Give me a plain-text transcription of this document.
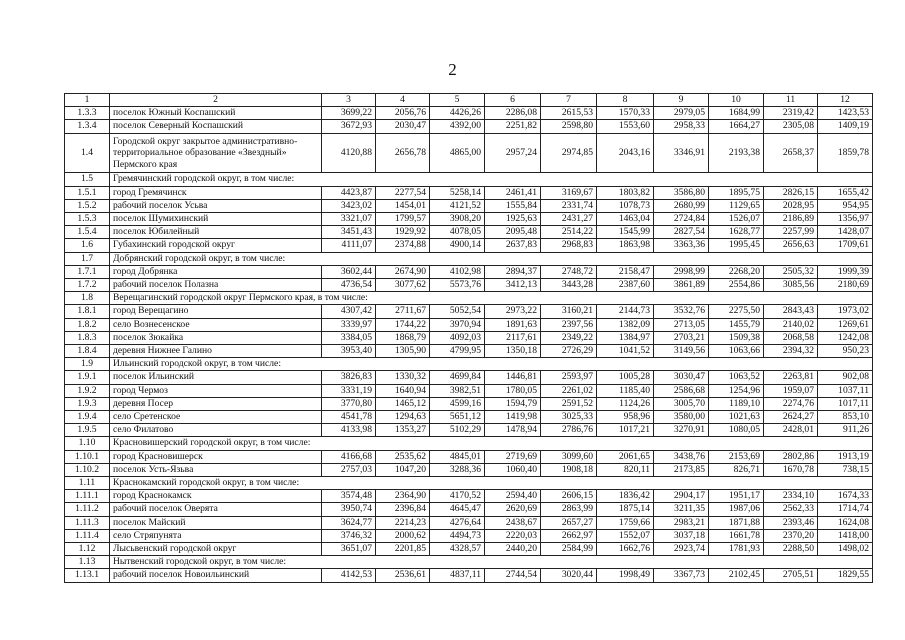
2
1	2	3	4	5	6	7	8	9	10	11	12
1.3.3	поселок Южный Коспашский	3699,22	2056,76	4426,26	2286,08	2615,53	1570,33	2979,05	1684,99	2319,42	1423,53
1.3.4	поселок Северный Коспашский	3672,93	2030,47	4392,00	2251,82	2598,80	1553,60	2958,33	1664,27	2305,08	1409,19
1.4	Городской округ закрытое административно-территориальное образование «Звездный» Пермского края	4120,88	2656,78	4865,00	2957,24	2974,85	2043,16	3346,91	2193,38	2658,37	1859,78
1.5	Гремячинский городской округ, в том числе:										
1.5.1	город Гремячинск	4423,87	2277,54	5258,14	2461,41	3169,67	1803,82	3586,80	1895,75	2826,15	1655,42
1.5.2	рабочий поселок Усьва	3423,02	1454,01	4121,52	1555,84	2331,74	1078,73	2680,99	1129,65	2028,95	954,95
1.5.3	поселок Шумихинский	3321,07	1799,57	3908,20	1925,63	2431,27	1463,04	2724,84	1526,07	2186,89	1356,97
1.5.4	поселок Юбилейный	3451,43	1929,92	4078,05	2095,48	2514,22	1545,99	2827,54	1628,77	2257,99	1428,07
1.6	Губахинский городской округ	4111,07	2374,88	4900,14	2637,83	2968,83	1863,98	3363,36	1995,45	2656,63	1709,61
1.7	Добрянский городской округ, в том числе:										
1.7.1	город Добрянка	3602,44	2674,90	4102,98	2894,37	2748,72	2158,47	2998,99	2268,20	2505,32	1999,39
1.7.2	рабочий поселок Полазна	4736,54	3077,62	5573,76	3412,13	3443,28	2387,60	3861,89	2554,86	3085,56	2180,69
1.8	Верещагинский городской округ Пермского края, в том числе:										
1.8.1	город Верещагино	4307,42	2711,67	5052,54	2973,22	3160,21	2144,73	3532,76	2275,50	2843,43	1973,02
1.8.2	село Вознесенское	3339,97	1744,22	3970,94	1891,63	2397,56	1382,09	2713,05	1455,79	2140,02	1269,61
1.8.3	поселок Зюкайка	3384,05	1868,79	4092,03	2117,61	2349,22	1384,97	2703,21	1509,38	2068,58	1242,08
1.8.4	деревня Нижнее Галино	3953,40	1305,90	4799,95	1350,18	2726,29	1041,52	3149,56	1063,66	2394,32	950,23
1.9	Ильинский городской округ, в том числе:										
1.9.1	поселок Ильинский	3826,83	1330,32	4699,84	1446,81	2593,97	1005,28	3030,47	1063,52	2263,81	902,08
1.9.2	город Чермоз	3331,19	1640,94	3982,51	1780,05	2261,02	1185,40	2586,68	1254,96	1959,07	1037,11
1.9.3	деревня Посер	3770,80	1465,12	4599,16	1594,79	2591,52	1124,26	3005,70	1189,10	2274,76	1017,11
1.9.4	село Сретенское	4541,78	1294,63	5651,12	1419,98	3025,33	958,96	3580,00	1021,63	2624,27	853,10
1.9.5	село Филатово	4133,98	1353,27	5102,29	1478,94	2786,76	1017,21	3270,91	1080,05	2428,01	911,26
1.10	Красновишерский городской округ, в том числе:										
1.10.1	город Красновишерск	4166,68	2535,62	4845,01	2719,69	3099,60	2061,65	3438,76	2153,69	2802,86	1913,19
1.10.2	поселок Усть-Язьва	2757,03	1047,20	3288,36	1060,40	1908,18	820,11	2173,85	826,71	1670,78	738,15
1.11	Краснокамский городской округ, в том числе:										
1.11.1	город Краснокамск	3574,48	2364,90	4170,52	2594,40	2606,15	1836,42	2904,17	1951,17	2334,10	1674,33
1.11.2	рабочий поселок Оверята	3950,74	2396,84	4645,47	2620,69	2863,99	1875,14	3211,35	1987,06	2562,33	1714,74
1.11.3	поселок Майский	3624,77	2214,23	4276,64	2438,67	2657,27	1759,66	2983,21	1871,88	2393,46	1624,08
1.11.4	село Стряпунята	3746,32	2000,62	4494,73	2220,03	2662,97	1552,07	3037,18	1661,78	2370,20	1418,00
1.12	Лысьвенский городской округ	3651,07	2201,85	4328,57	2440,20	2584,99	1662,76	2923,74	1781,93	2288,50	1498,02
1.13	Нытвенский городской округ, в том числе:										
1.13.1	рабочий поселок Новоильинский	4142,53	2536,61	4837,11	2744,54	3020,44	1998,49	3367,73	2102,45	2705,51	1829,55
